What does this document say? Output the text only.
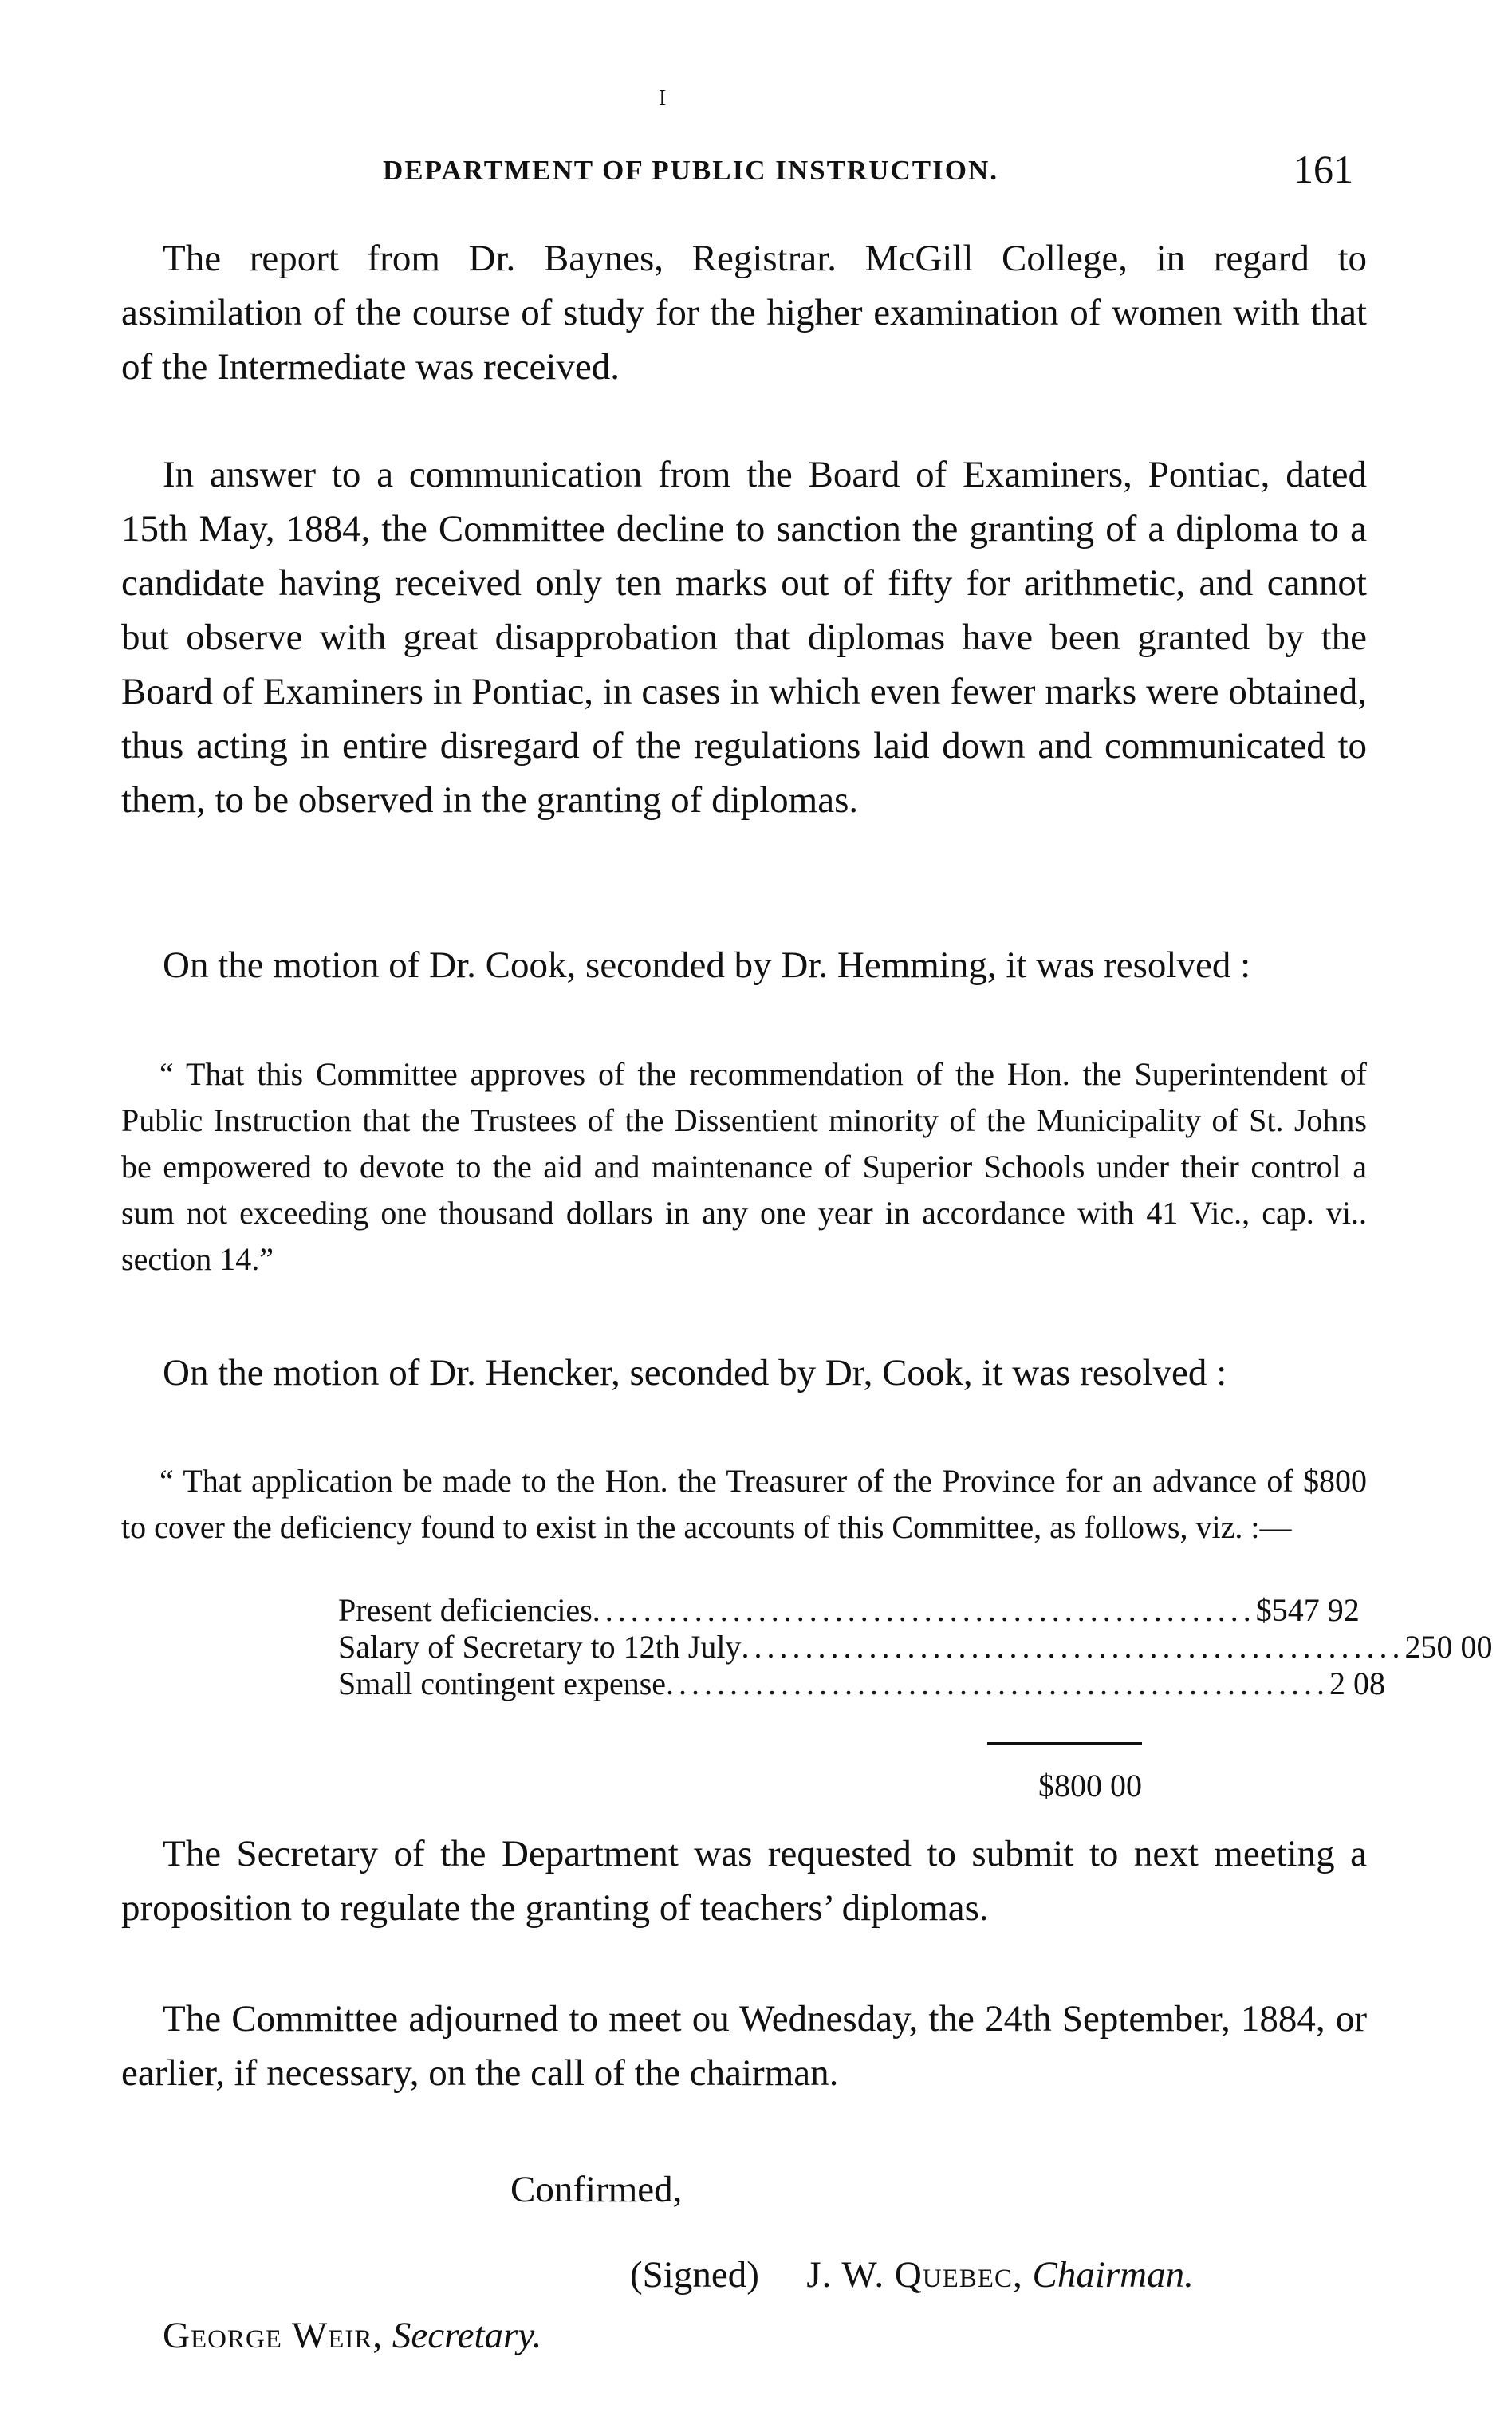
I
DEPARTMENT OF PUBLIC INSTRUCTION.	161

The report from Dr. Baynes, Registrar. McGill College, in regard to assimilation of the course of study for the higher examination of women with that of the Intermediate was received.

In answer to a communication from the Board of Examiners, Pontiac, dated 15th May, 1884, the Committee decline to sanction the granting of a diploma to a candidate having received only ten marks out of fifty for arithmetic, and cannot but observe with great disapprobation that diplomas have been granted by the Board of Examiners in Pontiac, in cases in which even fewer marks were obtained, thus acting in entire disregard of the regulations laid down and communicated to them, to be observed in the granting of diplomas.

On the motion of Dr. Cook, seconded by Dr. Hemming, it was resolved :

“ That this Committee approves of the recommendation of the Hon. the Superintendent of Public Instruction that the Trustees of the Dissentient minority of the Municipality of St. Johns be empowered to devote to the aid and maintenance of Superior Schools under their control a sum not exceeding one thousand dollars in any one year in accordance with 41 Vic., cap. vi.. section 14.”

On the motion of Dr. Hencker, seconded by Dr, Cook, it was resolved :

“ That application be made to the Hon. the Treasurer of the Province for an advance of $800 to cover the deficiency found to exist in the accounts of this Committee, as follows, viz. :—

Present deficiencies .................................................... $547 92
Salary of Secretary to 12th July .................................................... 250 00
Small contingent expense .................................................... 2 08
$800 00

The Secretary of the Department was requested to submit to next meeting a proposition to regulate the granting of teachers’ diplomas.

The Committee adjourned to meet ou Wednesday, the 24th September, 1884, or earlier, if necessary, on the call of the chairman.

Confirmed,
(Signed) J. W. Quebec, Chairman.
George Weir, Secretary.
